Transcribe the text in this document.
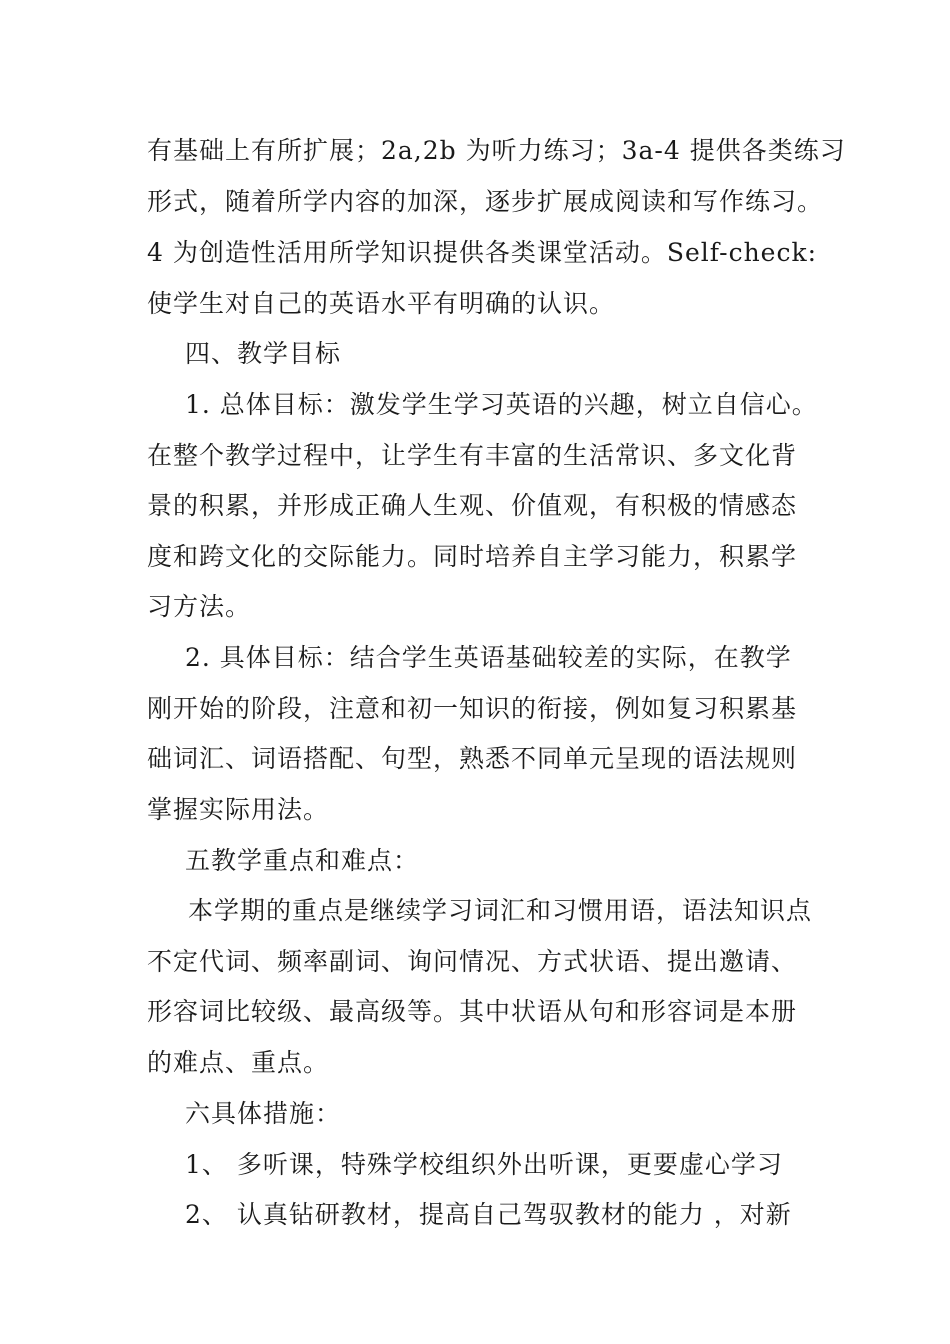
有基础上有所扩展；2a,2b 为听力练习；3a-4 提供各类练习
形式，随着所学内容的加深，逐步扩展成阅读和写作练习。
4 为创造性活用所学知识提供各类课堂活动。Self-check:
使学生对自己的英语水平有明确的认识。
四、教学目标
1. 总体目标：激发学生学习英语的兴趣，树立自信心。
在整个教学过程中，让学生有丰富的生活常识、多文化背
景的积累，并形成正确人生观、价值观，有积极的情感态
度和跨文化的交际能力。同时培养自主学习能力，积累学
习方法。
2. 具体目标：结合学生英语基础较差的实际，在教学
刚开始的阶段，注意和初一知识的衔接，例如复习积累基
础词汇、词语搭配、句型，熟悉不同单元呈现的语法规则
掌握实际用法。
五教学重点和难点：
本学期的重点是继续学习词汇和习惯用语，语法知识点
不定代词、频率副词、询问情况、方式状语、提出邀请、
形容词比较级、最高级等。其中状语从句和形容词是本册
的难点、重点。
六具体措施：
1、 多听课，特殊学校组织外出听课，更要虚心学习
2、 认真钻研教材，提高自己驾驭教材的能力 ，对新
